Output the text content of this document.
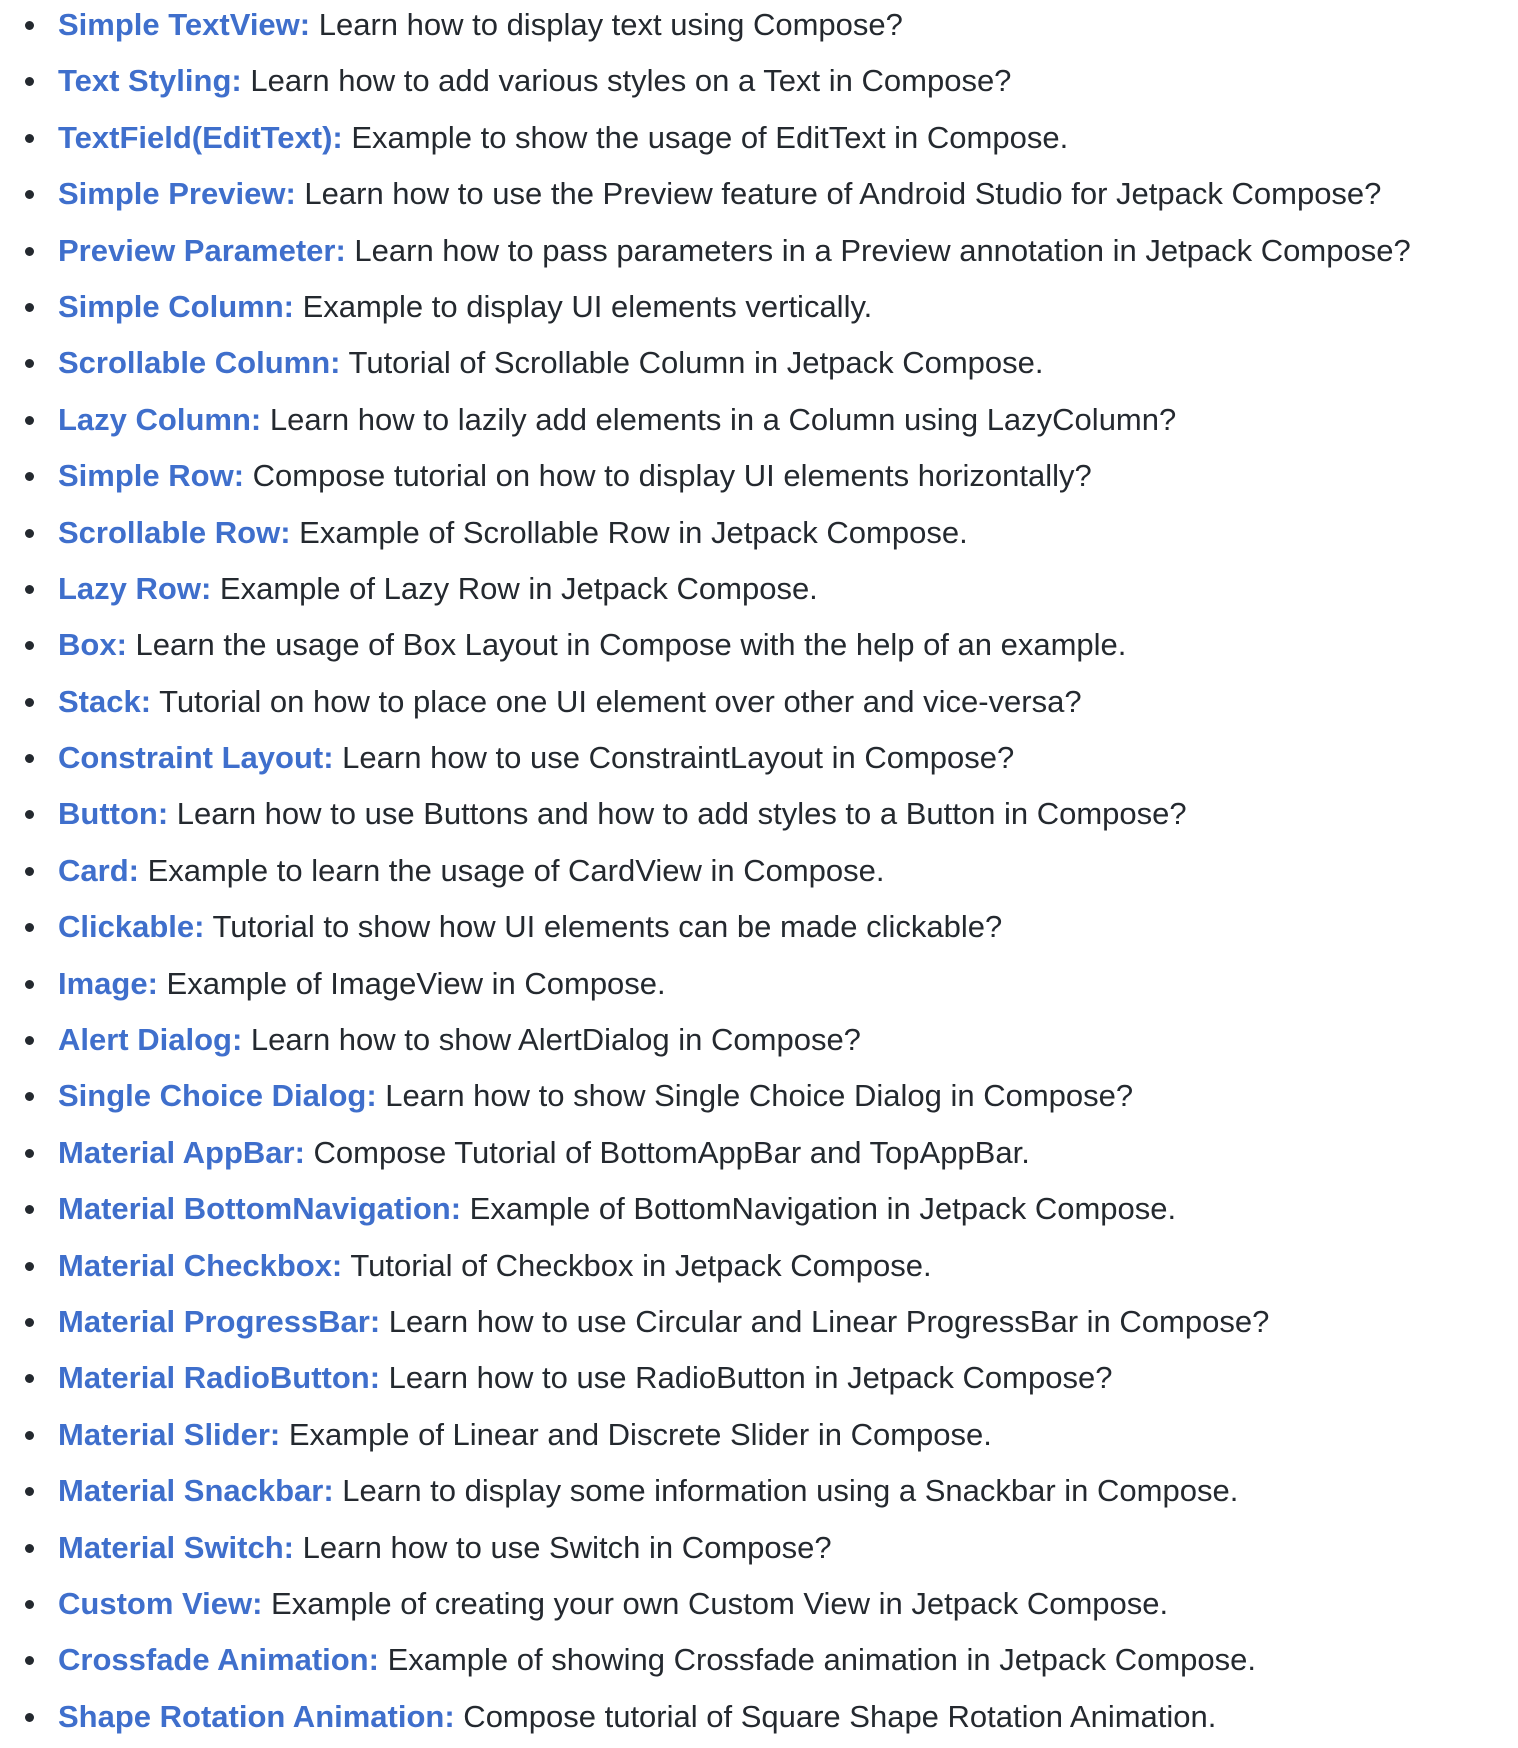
Simple TextView: Learn how to display text using Compose?
Text Styling: Learn how to add various styles on a Text in Compose?
TextField(EditText): Example to show the usage of EditText in Compose.
Simple Preview: Learn how to use the Preview feature of Android Studio for Jetpack Compose?
Preview Parameter: Learn how to pass parameters in a Preview annotation in Jetpack Compose?
Simple Column: Example to display UI elements vertically.
Scrollable Column: Tutorial of Scrollable Column in Jetpack Compose.
Lazy Column: Learn how to lazily add elements in a Column using LazyColumn?
Simple Row: Compose tutorial on how to display UI elements horizontally?
Scrollable Row: Example of Scrollable Row in Jetpack Compose.
Lazy Row: Example of Lazy Row in Jetpack Compose.
Box: Learn the usage of Box Layout in Compose with the help of an example.
Stack: Tutorial on how to place one UI element over other and vice-versa?
Constraint Layout: Learn how to use ConstraintLayout in Compose?
Button: Learn how to use Buttons and how to add styles to a Button in Compose?
Card: Example to learn the usage of CardView in Compose.
Clickable: Tutorial to show how UI elements can be made clickable?
Image: Example of ImageView in Compose.
Alert Dialog: Learn how to show AlertDialog in Compose?
Single Choice Dialog: Learn how to show Single Choice Dialog in Compose?
Material AppBar: Compose Tutorial of BottomAppBar and TopAppBar.
Material BottomNavigation: Example of BottomNavigation in Jetpack Compose.
Material Checkbox: Tutorial of Checkbox in Jetpack Compose.
Material ProgressBar: Learn how to use Circular and Linear ProgressBar in Compose?
Material RadioButton: Learn how to use RadioButton in Jetpack Compose?
Material Slider: Example of Linear and Discrete Slider in Compose.
Material Snackbar: Learn to display some information using a Snackbar in Compose.
Material Switch: Learn how to use Switch in Compose?
Custom View: Example of creating your own Custom View in Jetpack Compose.
Crossfade Animation: Example of showing Crossfade animation in Jetpack Compose.
Shape Rotation Animation: Compose tutorial of Square Shape Rotation Animation.
